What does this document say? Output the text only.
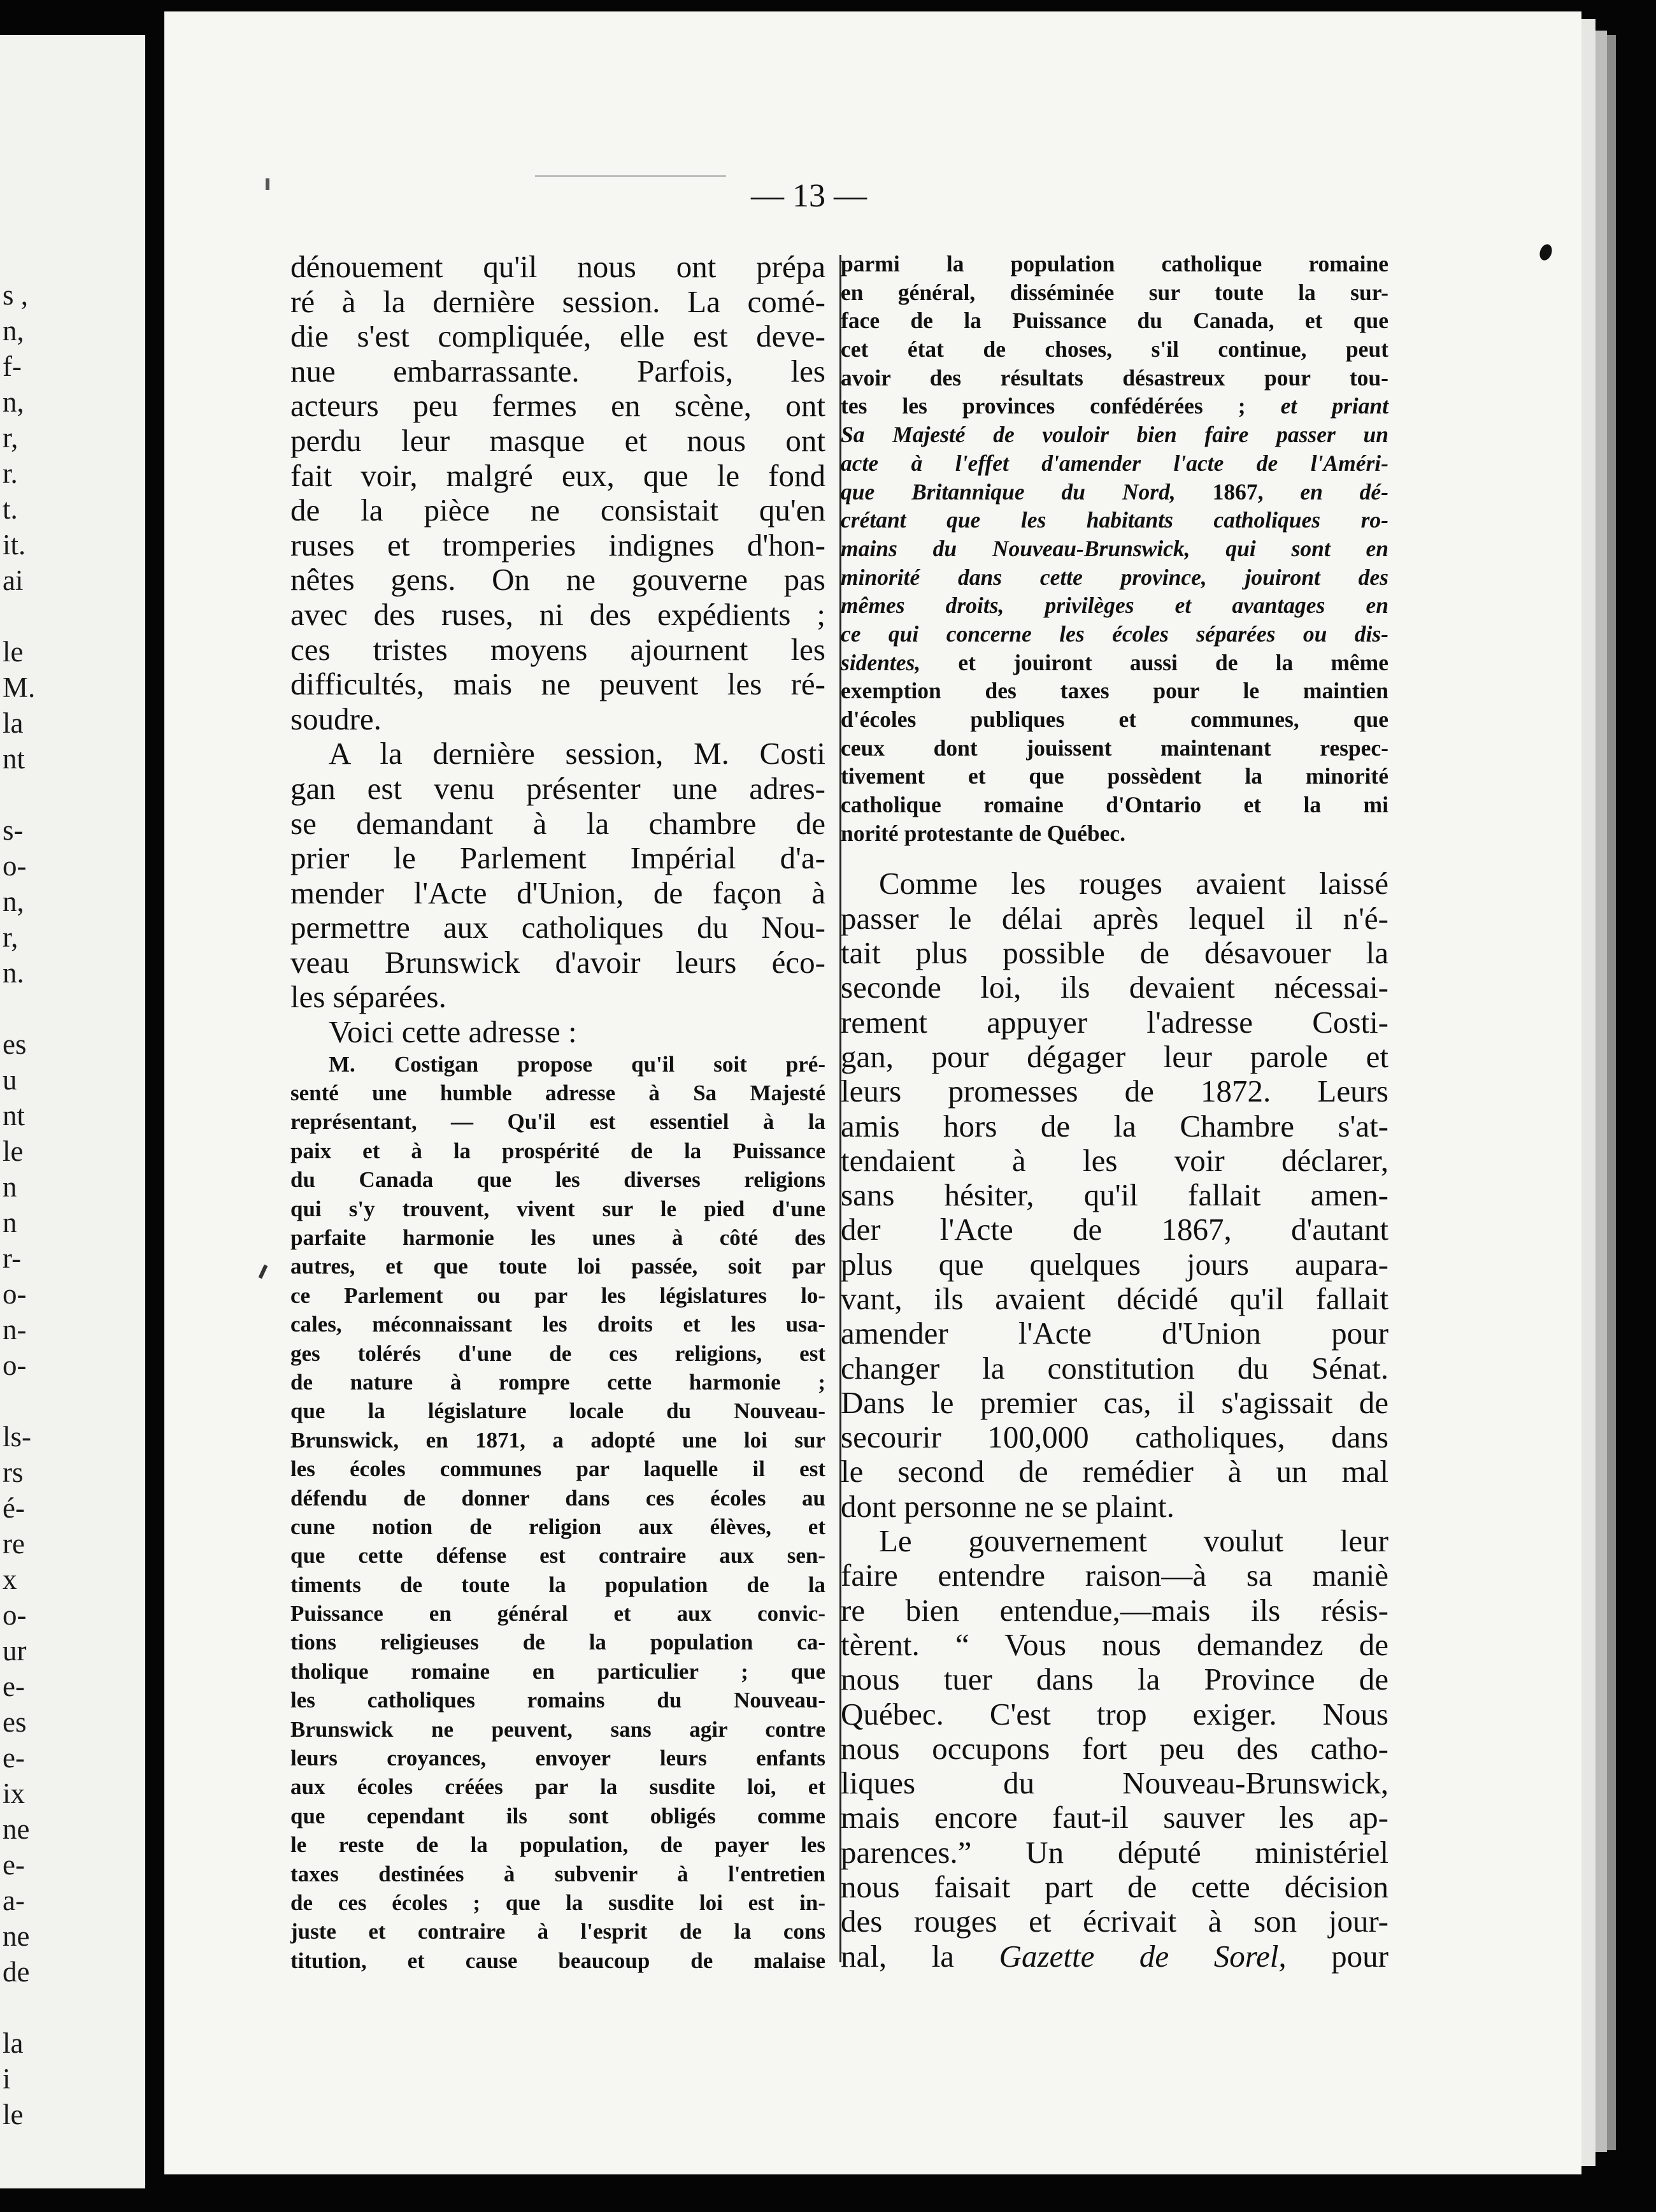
s ,
n,
f-
n,
r,
r.
t.
it.
ai
le
M.
la
nt
s-
o-
n,
r,
n.
es
u
nt
le
n
n
r-
o-
n-
o-
ls-
rs
é-
re
x
o-
ur
e-
es
e-
ix
ne
e-
a-
ne
de
la
i
le
— 13 —
dénouement qu'il nous ont prépa
ré à la dernière session. La comé-
die s'est compliquée, elle est deve-
nue embarrassante. Parfois, les
acteurs peu fermes en scène, ont
perdu leur masque et nous ont
fait voir, malgré eux, que le fond
de la pièce ne consistait qu'en
ruses et tromperies indignes d'hon-
nêtes gens. On ne gouverne pas
avec des ruses, ni des expédients ;
ces tristes moyens ajournent les
difficultés, mais ne peuvent les ré-
soudre.
A la dernière session, M. Costi
gan est venu présenter une adres-
se demandant à la chambre de
prier le Parlement Impérial d'a-
mender l'Acte d'Union, de façon à
permettre aux catholiques du Nou-
veau Brunswick d'avoir leurs éco-
les séparées.
Voici cette adresse :
M. Costigan propose qu'il soit pré-
senté une humble adresse à Sa Majesté
représentant, — Qu'il est essentiel à la
paix et à la prospérité de la Puissance
du Canada que les diverses religions
qui s'y trouvent, vivent sur le pied d'une
parfaite harmonie les unes à côté des
autres, et que toute loi passée, soit par
ce Parlement ou par les législatures lo-
cales, méconnaissant les droits et les usa-
ges tolérés d'une de ces religions, est
de nature à rompre cette harmonie ;
que la législature locale du Nouveau-
Brunswick, en 1871, a adopté une loi sur
les écoles communes par laquelle il est
défendu de donner dans ces écoles au
cune notion de religion aux élèves, et
que cette défense est contraire aux sen-
timents de toute la population de la
Puissance en général et aux convic-
tions religieuses de la population ca-
tholique romaine en particulier ; que
les catholiques romains du Nouveau-
Brunswick ne peuvent, sans agir contre
leurs croyances, envoyer leurs enfants
aux écoles créées par la susdite loi, et
que cependant ils sont obligés comme
le reste de la population, de payer les
taxes destinées à subvenir à l'entretien
de ces écoles ; que la susdite loi est in-
juste et contraire à l'esprit de la cons
titution, et cause beaucoup de malaise
parmi la population catholique romaine
en général, disséminée sur toute la sur-
face de la Puissance du Canada, et que
cet état de choses, s'il continue, peut
avoir des résultats désastreux pour tou-
tes les provinces confédérées ; et priant
Sa Majesté de vouloir bien faire passer un
acte à l'effet d'amender l'acte de l'Améri-
que Britannique du Nord, 1867, en dé-
crétant que les habitants catholiques ro-
mains du Nouveau-Brunswick, qui sont en
minorité dans cette province, jouiront des
mêmes droits, privilèges et avantages en
ce qui concerne les écoles séparées ou dis-
sidentes, et jouiront aussi de la même
exemption des taxes pour le maintien
d'écoles publiques et communes, que
ceux dont jouissent maintenant respec-
tivement et que possèdent la minorité
catholique romaine d'Ontario et la mi
norité protestante de Québec.
Comme les rouges avaient laissé
passer le délai après lequel il n'é-
tait plus possible de désavouer la
seconde loi, ils devaient nécessai-
rement appuyer l'adresse Costi-
gan, pour dégager leur parole et
leurs promesses de 1872. Leurs
amis hors de la Chambre s'at-
tendaient à les voir déclarer,
sans hésiter, qu'il fallait amen-
der l'Acte de 1867, d'autant
plus que quelques jours aupara-
vant, ils avaient décidé qu'il fallait
amender l'Acte d'Union pour
changer la constitution du Sénat.
Dans le premier cas, il s'agissait de
secourir 100,000 catholiques, dans
le second de remédier à un mal
dont personne ne se plaint.
Le gouvernement voulut leur
faire entendre raison—à sa maniè
re bien entendue,—mais ils résis-
tèrent. “ Vous nous demandez de
nous tuer dans la Province de
Québec. C'est trop exiger. Nous
nous occupons fort peu des catho-
liques du Nouveau-Brunswick,
mais encore faut-il sauver les ap-
parences.” Un député ministériel
nous faisait part de cette décision
des rouges et écrivait à son jour-
nal, la Gazette de Sorel, pour
